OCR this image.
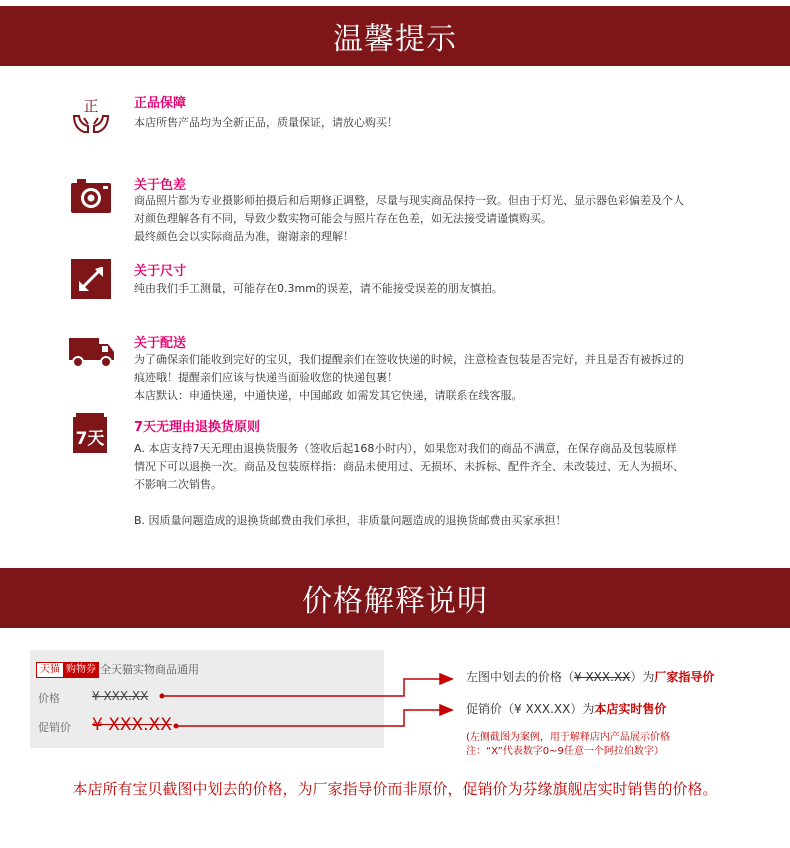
温馨提示
正	正品保障
本店所售产品均为全新正品，质量保证，请放心购买！
关于色差
商品照片都为专业摄影师拍摄后和后期修正调整，尽量与现实商品保持一致。但由于灯光、显示器色彩偏差及个人
对颜色理解各有不同，导致少数实物可能会与照片存在色差，如无法接受请谨慎购买。
最终颜色会以实际商品为准，谢谢亲的理解！
关于尺寸
纯由我们手工测量，可能存在0.3mm的误差，请不能接受误差的朋友慎拍。
关于配送
为了确保亲们能收到完好的宝贝，我们提醒亲们在签收快递的时候，注意检查包装是否完好，并且是否有被拆过的
痕迹哦！提醒亲们应该与快递当面验收您的快递包裹！
本店默认：申通快递，中通快递，中国邮政 如需发其它快递，请联系在线客服。
7天
7天无理由退换货原则
A. 本店支持7天无理由退换货服务（签收后起168小时内），如果您对我们的商品不满意，在保存商品及包装原样
情况下可以退换一次。商品及包装原样指：商品未使用过、无损坏、未拆标、配件齐全、未改装过、无人为损坏、
不影响二次销售。
B. 因质量问题造成的退换货邮费由我们承担，非质量问题造成的退换货邮费由买家承担！
价格解释说明
天猫 购物券 全天猫实物商品通用
价格	¥ XXX.XX
促销价 ¥ XXX.XX
左图中划去的价格（¥ XXX.XX）为厂家指导价
促销价（¥ XXX.XX）为本店实时售价
(左侧截图为案例，用于解释店内产品展示价格
注：“X”代表数字0~9任意一个阿拉伯数字）
本店所有宝贝截图中划去的价格，为厂家指导价而非原价，促销价为芬缘旗舰店实时销售的价格。
